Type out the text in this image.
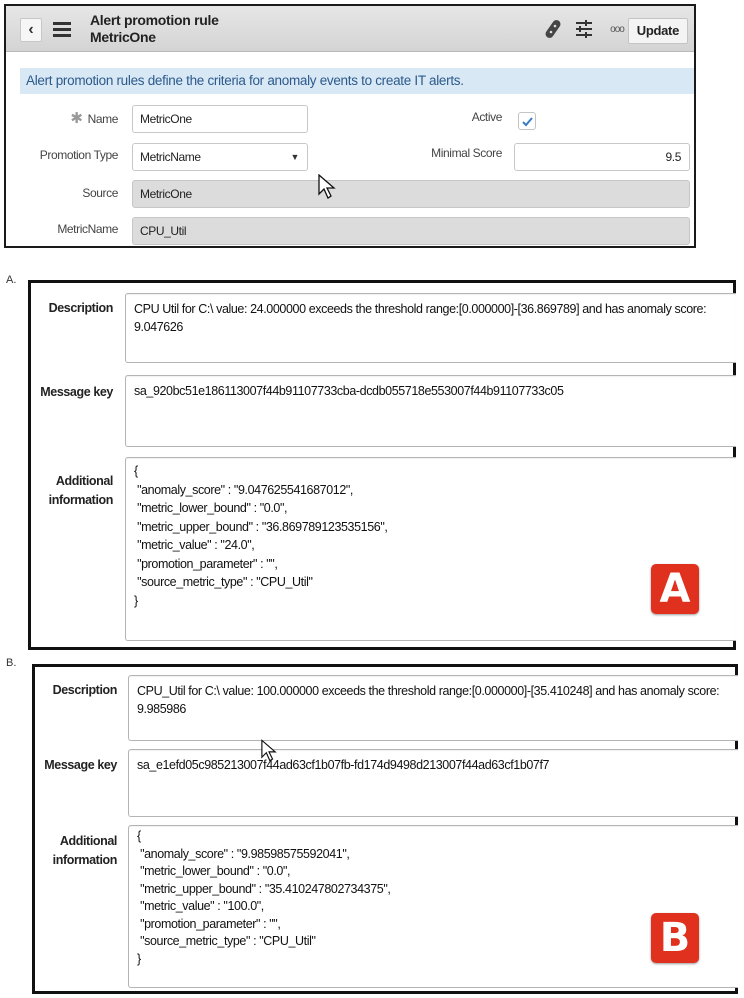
‹
Alert promotion rule
MetricOne	ooo Update
Alert promotion rules define the criteria for anomaly events to create IT alerts.
✱ Name	MetricOne	Active
Promotion Type	MetricName	▼	Minimal Score	9.5
Source	MetricOne
MetricName	CPU_Util
A.
Description	CPU Util for C:\ value: 24.000000 exceeds the threshold range:[0.000000]-[36.869789] and has anomaly score: 9.047626
Message key	sa_920bc51e186113007f44b91107733cba-dcdb055718e553007f44b91107733c05
Additional
information
{
"anomaly_score" : "9.047625541687012",
"metric_lower_bound" : "0.0",
"metric_upper_bound" : "36.869789123535156",
"metric_value" : "24.0",
"promotion_parameter" : "",
"source_metric_type" : "CPU_Util"
}	A
B.
Description	CPU_Util for C:\ value: 100.000000 exceeds the threshold range:[0.000000]-[35.410248] and has anomaly score: 9.985986
Message key	sa_e1efd05c985213007f44ad63cf1b07fb-fd174d9498d213007f44ad63cf1b07f7
Additional
information
{
"anomaly_score" : "9.98598575592041",
"metric_lower_bound" : "0.0",
"metric_upper_bound" : "35.410247802734375",
"metric_value" : "100.0",
"promotion_parameter" : "",
"source_metric_type" : "CPU_Util"
}	B
